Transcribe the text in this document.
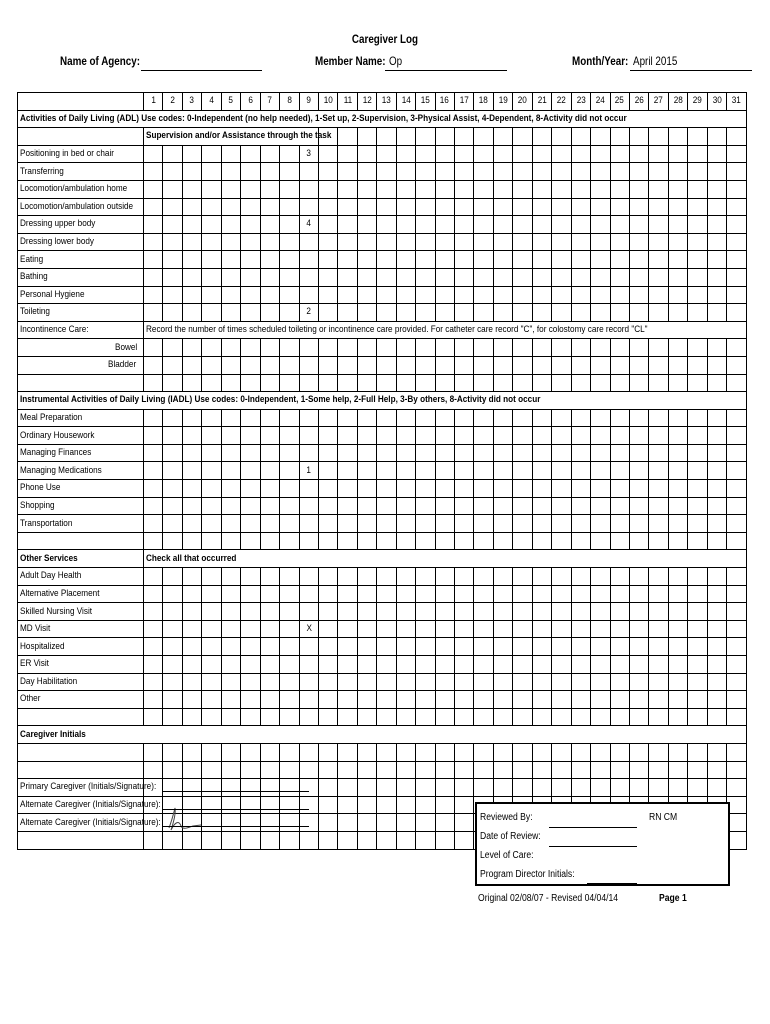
Caregiver Log
Name of Agency:	Member Name: Op	Month/Year: April 2015
	1	2	3	4	5	6	7	8	9	10	11	12	13	14	15	16	17	18	19	20	21	22	23	24	25	26	27	28	29	30	31
Activities of Daily Living (ADL) Use codes: 0-Independent (no help needed), 1-Set up, 2-Supervision, 3-Physical Assist, 4-Dependent, 8-Activity did not occur																															
	Supervision and/or Assistance through the task																														
Positioning in bed or chair									3																						
Transferring																															
Locomotion/ambulation home																															
Locomotion/ambulation outside																															
Dressing upper body									4																						
Dressing lower body																															
Eating																															
Bathing																															
Personal Hygiene																															
Toileting									2																						
Incontinence Care:	Record the number of times scheduled toileting or incontinence care provided. For catheter care record "C", for colostomy care record "CL"																														
Bowel																															
Bladder																															

Instrumental Activities of Daily Living (IADL) Use codes: 0-Independent, 1-Some help, 2-Full Help, 3-By others, 8-Activity did not occur																															
Meal Preparation																															
Ordinary Housework																															
Managing Finances																															
Managing Medications									1																						
Phone Use																															
Shopping																															
Transportation																															

Other Services	Check all that occurred																														
Adult Day Health																															
Alternative Placement																															
Skilled Nursing Visit																															
MD Visit									X																						
Hospitalized																															
ER Visit																															
Day Habilitation																															
Other																															

Caregiver Initials																															

Primary Caregiver (Initials/Signature):																															
Alternate Caregiver (Initials/Signature):																															
Alternate Caregiver (Initials/Signature):																															
																																Reviewed By:	RN CM
Date of Review:
Level of Care:
Program Director Initials:
Original 02/08/07 - Revised 04/04/14	Page 1
